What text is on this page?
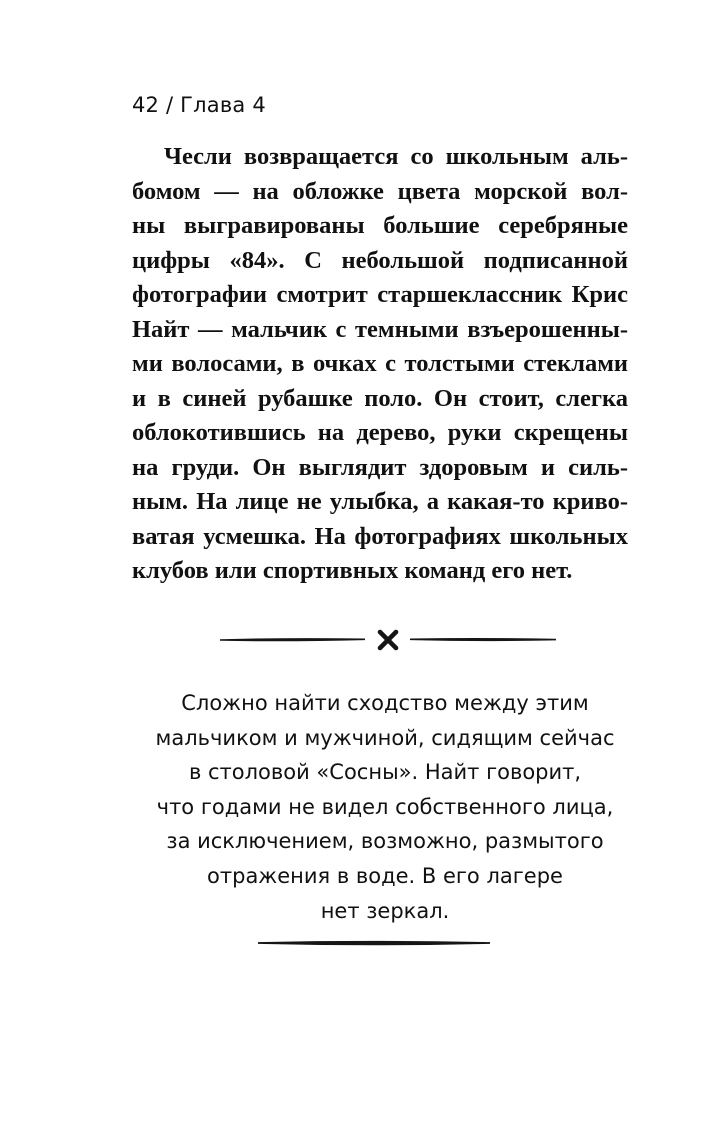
42 / Глава 4
Чесли возвращается со школьным аль-
бомом — на обложке цвета морской вол-
ны выгравированы большие серебряные
цифры «84». С небольшой подписанной
фотографии смотрит старшеклассник Крис
Найт — мальчик с темными взъерошенны-
ми волосами, в очках с толстыми стеклами
и в синей рубашке поло. Он стоит, слегка
облокотившись на дерево, руки скрещены
на груди. Он выглядит здоровым и силь-
ным. На лице не улыбка, а какая-то криво-
ватая усмешка. На фотографиях школьных
клубов или спортивных команд его нет.
Сложно найти сходство между этим
мальчиком и мужчиной, сидящим сейчас
в столовой «Сосны». Найт говорит,
что годами не видел собственного лица,
за исключением, возможно, размытого
отражения в воде. В его лагере
нет зеркал.
